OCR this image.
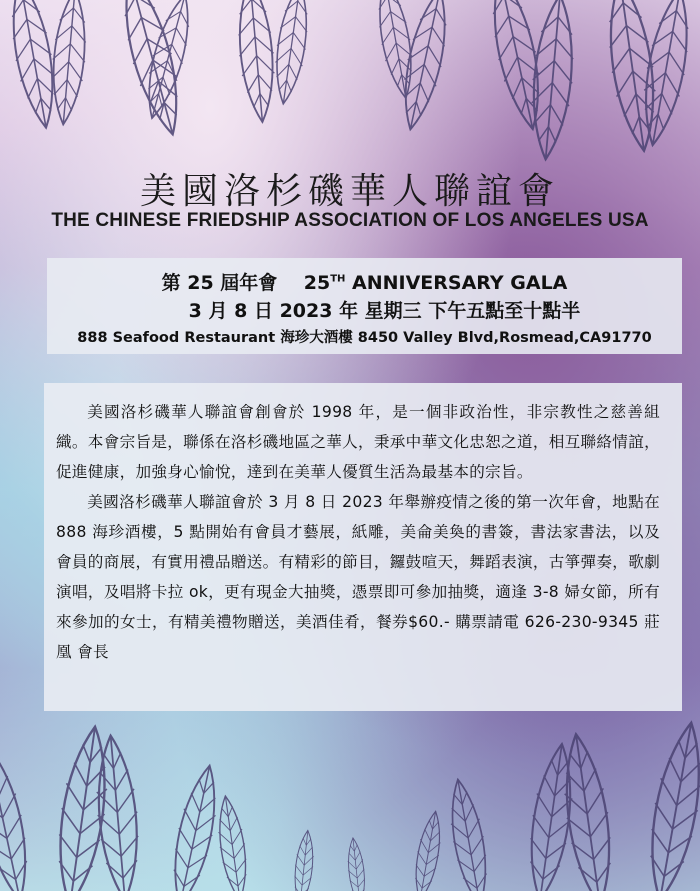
美國洛杉磯華人聯誼會
THE CHINESE FRIEDSHIP ASSOCIATION OF LOS ANGELES USA
第 25 屆年會 25TH ANNIVERSARY GALA
3 月 8 日 2023 年 星期三 下午五點至十點半
888 Seafood Restaurant 海珍大酒樓 8450 Valley Blvd,Rosmead,CA91770

美國洛杉磯華人聯誼會創會於 1998 年，是一個非政治性，非宗教性之慈善組織。本會宗旨是，聯係在洛杉磯地區之華人，秉承中華文化忠恕之道，相互聯絡情誼，促進健康，加強身心愉悅，達到在美華人優質生活為最基本的宗旨。

美國洛杉磯華人聯誼會於 3 月 8 日 2023 年舉辦疫情之後的第一次年會，地點在 888 海珍酒樓，5 點開始有會員才藝展，紙雕，美侖美奐的書簽，書法家書法，以及會員的商展，有實用禮品贈送。有精彩的節目，鑼鼓喧天，舞蹈表演，古箏彈奏，歌劇演唱，及唱將卡拉 ok，更有現金大抽獎，憑票即可參加抽獎，適逢 3-8 婦女節，所有來參加的女士，有精美禮物贈送，美酒佳肴，餐券$60.- 購票請電 626-230-9345 莊 凰 會長
